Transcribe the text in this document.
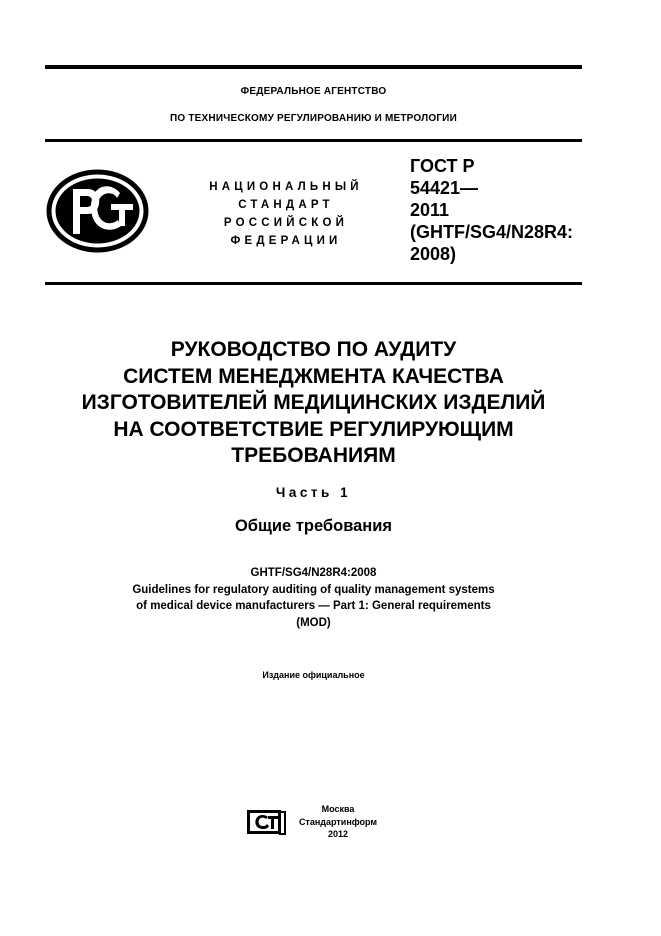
ФЕДЕРАЛЬНОЕ АГЕНТСТВО
ПО ТЕХНИЧЕСКОМУ РЕГУЛИРОВАНИЮ И МЕТРОЛОГИИ
НАЦИОНАЛЬНЫЙ
СТАНДАРТ
РОССИЙСКОЙ
ФЕДЕРАЦИИ
ГОСТ Р
54421—
2011
(GHTF/SG4/N28R4:
2008)
РУКОВОДСТВО ПО АУДИТУ
СИСТЕМ МЕНЕДЖМЕНТА КАЧЕСТВА
ИЗГОТОВИТЕЛЕЙ МЕДИЦИНСКИХ ИЗДЕЛИЙ
НА СООТВЕТСТВИЕ РЕГУЛИРУЮЩИМ
ТРЕБОВАНИЯМ
Часть 1
Общие требования
GHTF/SG4/N28R4:2008
Guidelines for regulatory auditing of quality management systems
of medical device manufacturers — Part 1: General requirements
(MOD)
Издание официальное
Москва
Стандартинформ
2012
